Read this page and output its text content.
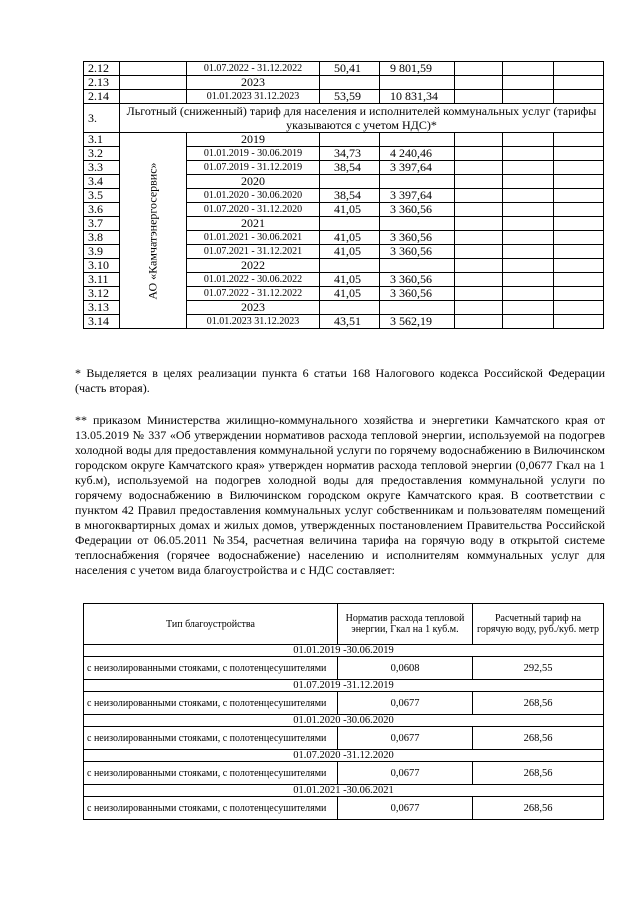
2.12		01.07.2022 - 31.12.2022	50,41	9 801,59			
2.13		2023					
2.14		01.01.2023 31.12.2023	53,59	10 831,34			
3.	Льготный (сниженный) тариф для населения и исполнителей коммунальных услуг (тарифы указываются с учетом НДС)*						
3.1	АО «Камчатэнергосервис»	2019					
3.2		01.01.2019 - 30.06.2019	34,73	4 240,46			
3.3		01.07.2019 - 31.12.2019	38,54	3 397,64			
3.4		2020					
3.5		01.01.2020 - 30.06.2020	38,54	3 397,64			
3.6		01.07.2020 - 31.12.2020	41,05	3 360,56			
3.7		2021					
3.8		01.01.2021 - 30.06.2021	41,05	3 360,56			
3.9		01.07.2021 - 31.12.2021	41,05	3 360,56			
3.10		2022					
3.11		01.01.2022 - 30.06.2022	41,05	3 360,56			
3.12		01.07.2022 - 31.12.2022	41,05	3 360,56			
3.13		2023					
3.14		01.01.2023 31.12.2023	43,51	3 562,19			

* Выделяется в целях реализации пункта 6 статьи 168 Налогового кодекса Российской Федерации (часть вторая).

** приказом Министерства жилищно-коммунального хозяйства и энергетики Камчатского края от 13.05.2019 № 337 «Об утверждении нормативов расхода тепловой энергии, используемой на подогрев холодной воды для предоставления коммунальной услуги по горячему водоснабжению в Вилючинском городском округе Камчатского края» утвержден норматив расхода тепловой энергии (0,0677 Гкал на 1 куб.м), используемой на подогрев холодной воды для предоставления коммунальной услуги по горячему водоснабжению в Вилючинском городском округе Камчатского края. В соответствии с пунктом 42 Правил предоставления коммунальных услуг собственникам и пользователям помещений в многоквартирных домах и жилых домов, утвержденных постановлением Правительства Российской Федерации от 06.05.2011 №354, расчетная величина тарифа на горячую воду в открытой системе теплоснабжения (горячее водоснабжение) населению и исполнителям коммунальных услуг для населения с учетом вида благоустройства и с НДС составляет:

Тип благоустройства	Норматив расхода тепловой энергии, Гкал на 1 куб.м.	Расчетный тариф на горячую воду, руб./куб. метр
01.01.2019 -30.06.2019		
с неизолированными стояками, с полотенцесушителями	0,0608	292,55
01.07.2019 -31.12.2019		
с неизолированными стояками, с полотенцесушителями	0,0677	268,56
01.01.2020 -30.06.2020		
с неизолированными стояками, с полотенцесушителями	0,0677	268,56
01.07.2020 -31.12.2020		
с неизолированными стояками, с полотенцесушителями	0,0677	268,56
01.01.2021 -30.06.2021		
с неизолированными стояками, с полотенцесушителями	0,0677	268,56
